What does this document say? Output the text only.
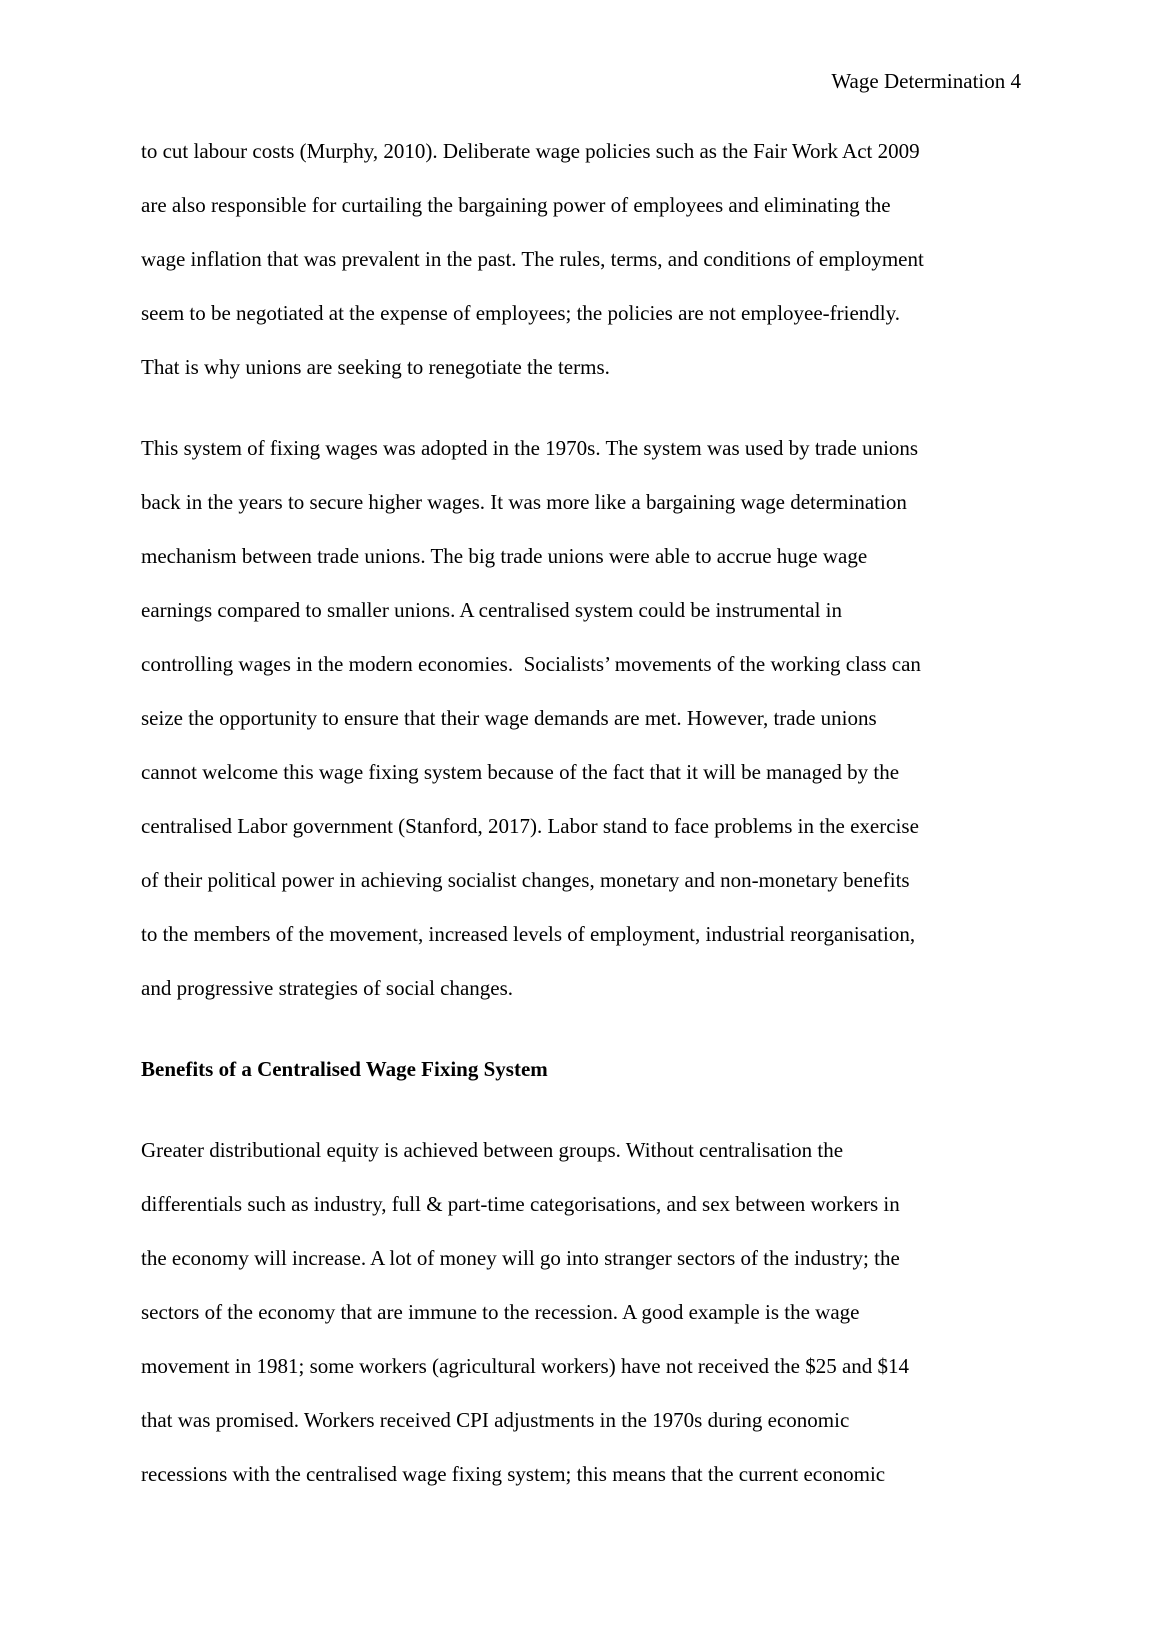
Wage Determination 4
to cut labour costs (Murphy, 2010). Deliberate wage policies such as the Fair Work Act 2009
are also responsible for curtailing the bargaining power of employees and eliminating the
wage inflation that was prevalent in the past. The rules, terms, and conditions of employment
seem to be negotiated at the expense of employees; the policies are not employee-friendly.
That is why unions are seeking to renegotiate the terms.
This system of fixing wages was adopted in the 1970s. The system was used by trade unions
back in the years to secure higher wages. It was more like a bargaining wage determination
mechanism between trade unions. The big trade unions were able to accrue huge wage
earnings compared to smaller unions. A centralised system could be instrumental in
controlling wages in the modern economies.  Socialists’ movements of the working class can
seize the opportunity to ensure that their wage demands are met. However, trade unions
cannot welcome this wage fixing system because of the fact that it will be managed by the
centralised Labor government (Stanford, 2017). Labor stand to face problems in the exercise
of their political power in achieving socialist changes, monetary and non-monetary benefits
to the members of the movement, increased levels of employment, industrial reorganisation,
and progressive strategies of social changes.
Benefits of a Centralised Wage Fixing System
Greater distributional equity is achieved between groups. Without centralisation the
differentials such as industry, full & part-time categorisations, and sex between workers in
the economy will increase. A lot of money will go into stranger sectors of the industry; the
sectors of the economy that are immune to the recession. A good example is the wage
movement in 1981; some workers (agricultural workers) have not received the $25 and $14
that was promised. Workers received CPI adjustments in the 1970s during economic
recessions with the centralised wage fixing system; this means that the current economic
